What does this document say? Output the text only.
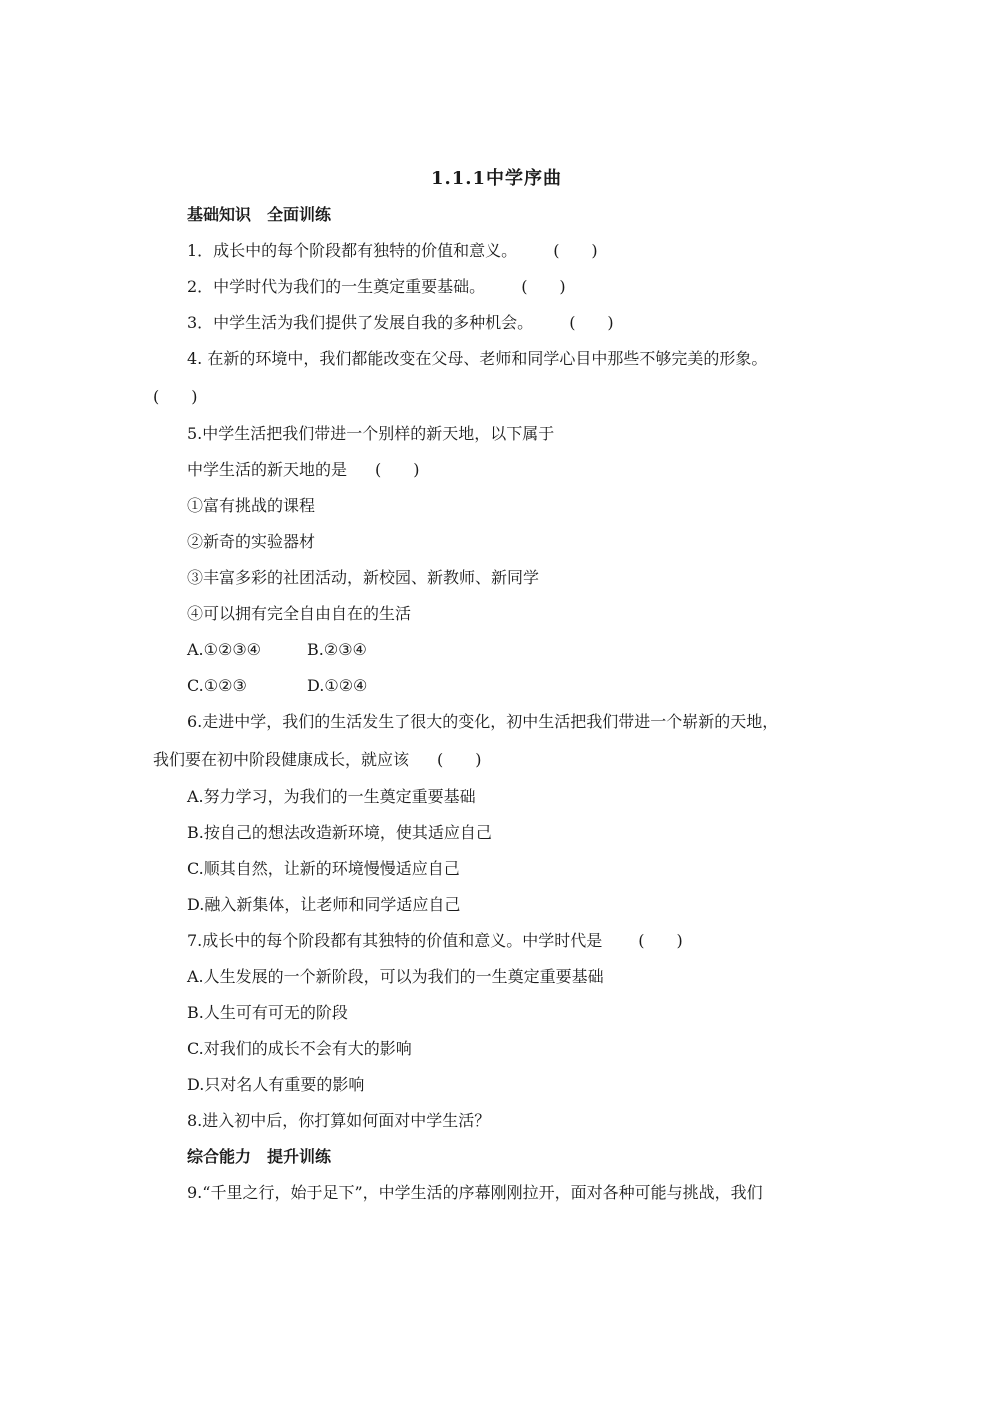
1.1.1中学序曲
基础知识　全面训练
1．成长中的每个阶段都有独特的价值和意义。 (　　)
2．中学时代为我们的一生奠定重要基础。 (　　)
3．中学生活为我们提供了发展自我的多种机会。 (　　)
4. 在新的环境中，我们都能改变在父母、老师和同学心目中那些不够完美的形象。
(　　)
5.中学生活把我们带进一个别样的新天地，以下属于
中学生活的新天地的是 (　　)
①富有挑战的课程
②新奇的实验器材
③丰富多彩的社团活动，新校园、新教师、新同学
④可以拥有完全自由自在的生活
A.①②③④	B.②③④
C.①②③	D.①②④
6.走进中学，我们的生活发生了很大的变化，初中生活把我们带进一个崭新的天地，
我们要在初中阶段健康成长，就应该 (　　)
A.努力学习，为我们的一生奠定重要基础
B.按自己的想法改造新环境，使其适应自己
C.顺其自然，让新的环境慢慢适应自己
D.融入新集体，让老师和同学适应自己
7.成长中的每个阶段都有其独特的价值和意义。中学时代是 (　　)
A.人生发展的一个新阶段，可以为我们的一生奠定重要基础
B.人生可有可无的阶段
C.对我们的成长不会有大的影响
D.只对名人有重要的影响
8.进入初中后，你打算如何面对中学生活？
综合能力　提升训练
9.“千里之行，始于足下”，中学生活的序幕刚刚拉开，面对各种可能与挑战，我们
